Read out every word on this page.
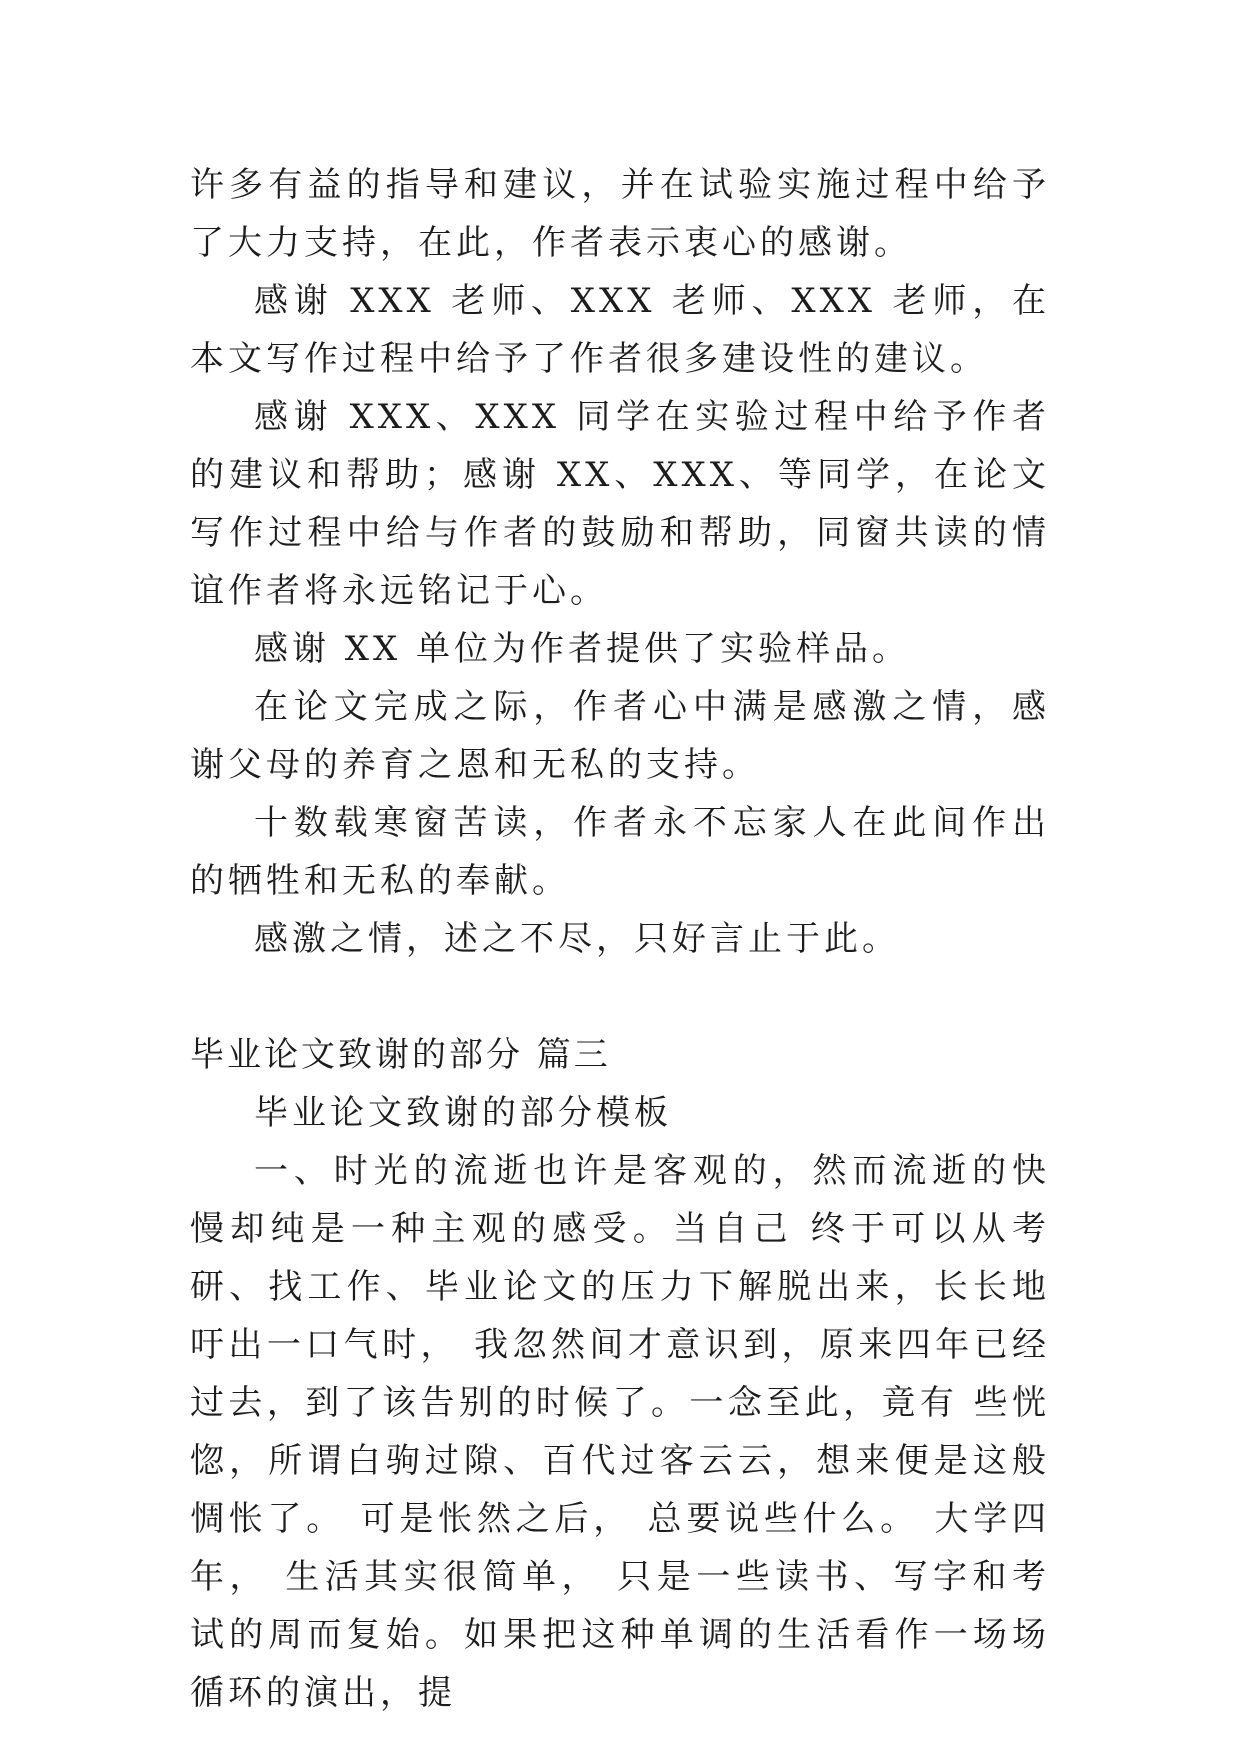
许多有益的指导和建议，并在试验实施过程中给予了大力支持，在此，作者表示衷心的感谢。

感谢 XXX 老师、XXX 老师、XXX 老师，在本文写作过程中给予了作者很多建设性的建议。

感谢 XXX、XXX 同学在实验过程中给予作者的建议和帮助；感谢 XX、XXX、等同学，在论文写作过程中给与作者的鼓励和帮助，同窗共读的情谊作者将永远铭记于心。

感谢 XX 单位为作者提供了实验样品。

在论文完成之际，作者心中满是感激之情，感谢父母的养育之恩和无私的支持。

十数载寒窗苦读，作者永不忘家人在此间作出的牺牲和无私的奉献。

感激之情，述之不尽，只好言止于此。

毕业论文致谢的部分 篇三

毕业论文致谢的部分模板

一、时光的流逝也许是客观的，然而流逝的快慢却纯是一种主观的感受。当自己 终于可以从考研、找工作、毕业论文的压力下解脱出来，长长地吁出一口气时， 我忽然间才意识到，原来四年已经过去，到了该告别的时候了。一念至此，竟有 些恍惚，所谓白驹过隙、百代过客云云，想来便是这般惆怅了。 可是怅然之后， 总要说些什么。 大学四年， 生活其实很简单， 只是一些读书、写字和考试的周而复始。如果把这种单调的生活看作一场场循环的演出，提
